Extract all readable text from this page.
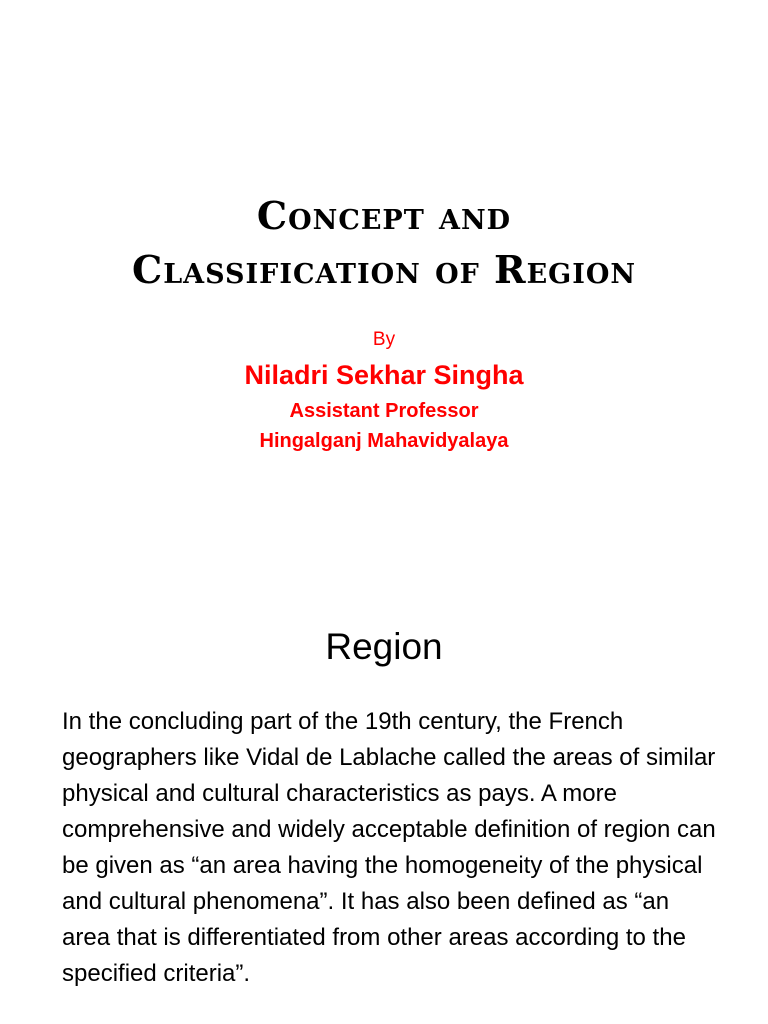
Concept and
Classification of Region
By
Niladri Sekhar Singha
Assistant Professor
Hingalganj Mahavidyalaya
Region

In the concluding part of the 19th century, the French geographers like Vidal de Lablache called the areas of similar physical and cultural characteristics as pays. A more comprehensive and widely acceptable definition of region can be given as “an area having the homogeneity of the physical and cultural phenomena”. It has also been defined as “an area that is differentiated from other areas according to the specified criteria”.
